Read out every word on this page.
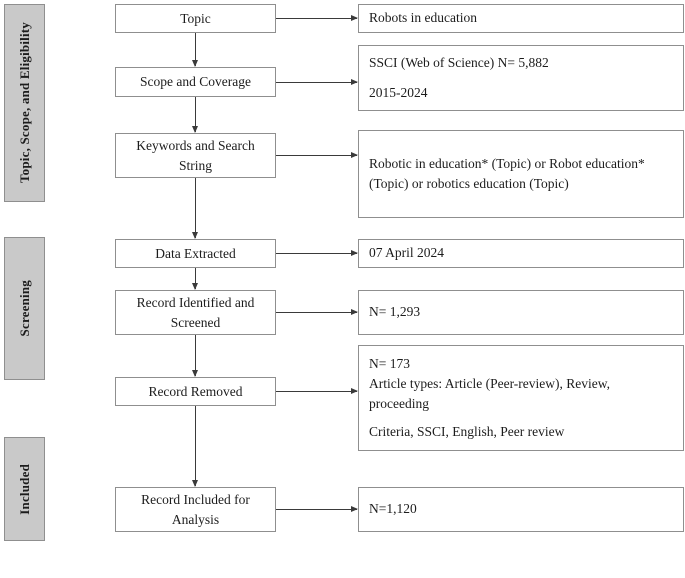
Topic, Scope, and Eligibility
Screening
Included
Topic
Scope and Coverage
Keywords and Search String
Data Extracted
Record Identified and Screened
Record Removed
Record Included for Analysis
Robots in education
SSCI (Web of Science) N= 5,882
2015-2024
Robotic in education* (Topic) or Robot education* (Topic) or robotics education (Topic)
07 April 2024
N= 1,293
N= 173
Article types: Article (Peer-review), Review, proceeding
Criteria, SSCI, English, Peer review
N=1,120
